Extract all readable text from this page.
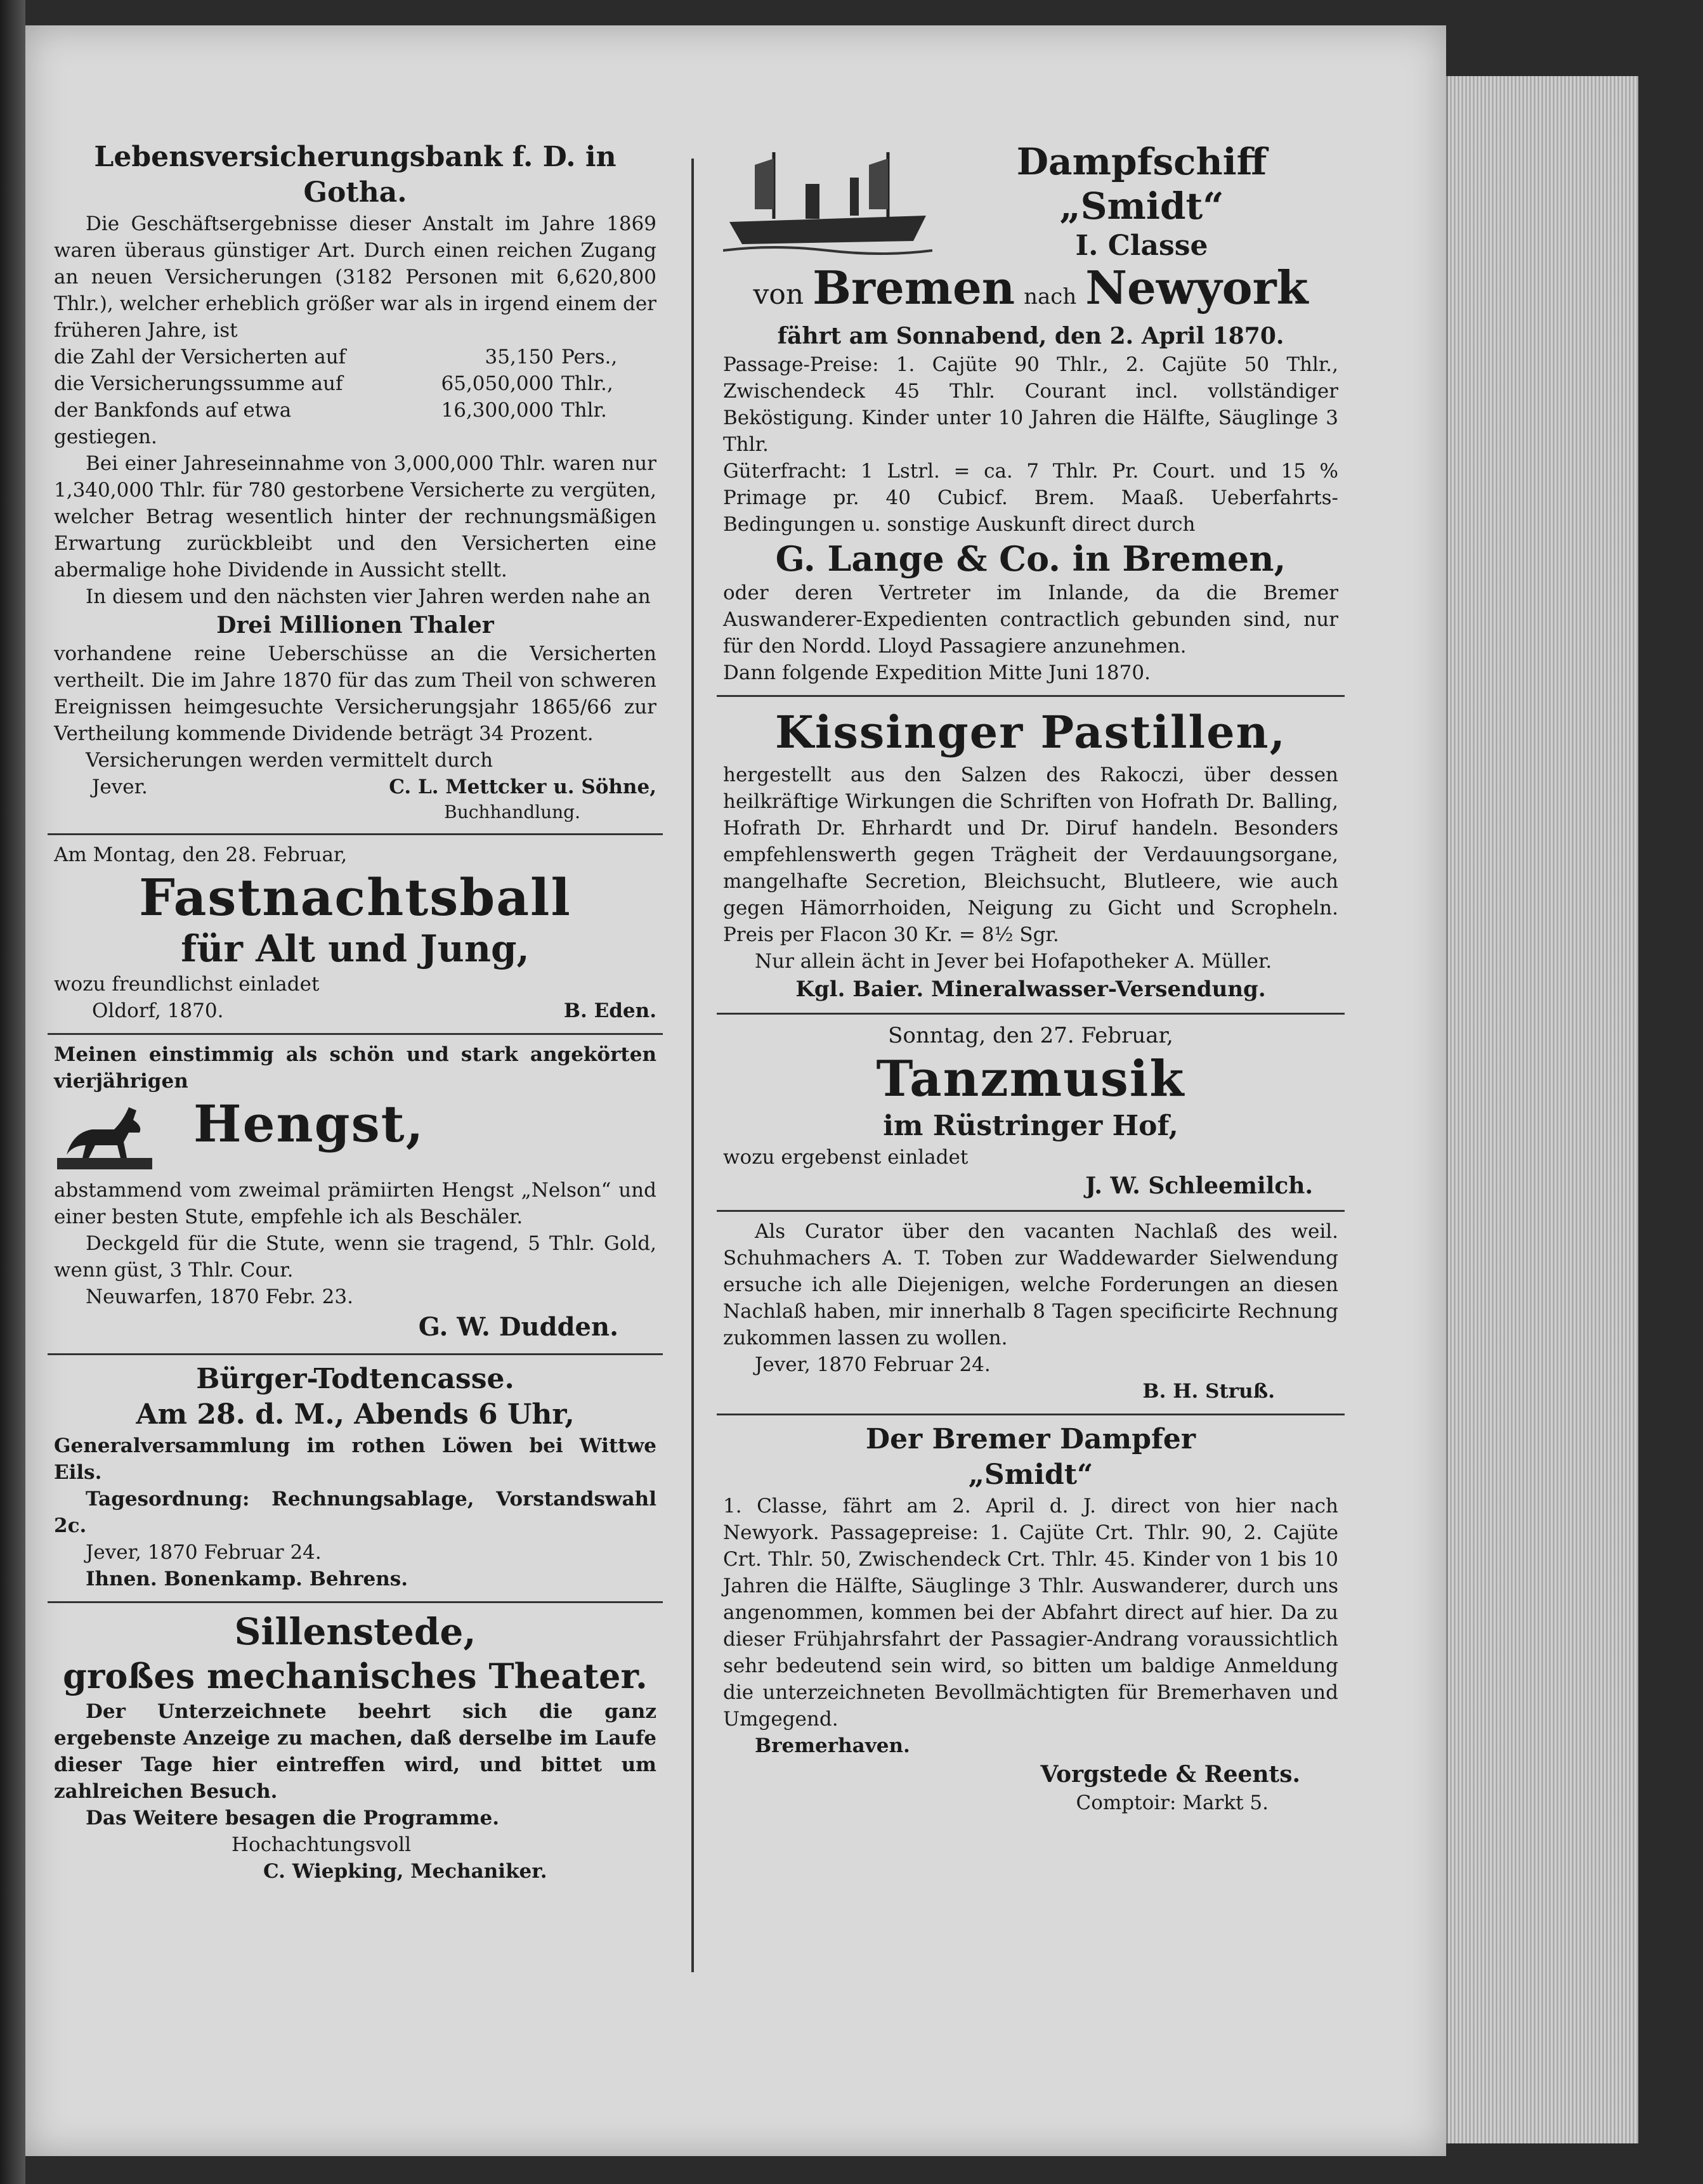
Lebensversicherungsbank f. D. in
Gotha.
Die Geschäftsergebnisse dieser Anstalt im Jahre 1869 waren überaus günstiger Art. Durch einen reichen Zugang an neuen Versicherungen (3182 Personen mit 6,620,800 Thlr.), welcher erheblich größer war als in irgend einem der früheren Jahre, ist
die Zahl der Versicherten auf	35,150 Pers.,
die Versicherungssumme auf	65,050,000 Thlr.,
der Bankfonds auf etwa	16,300,000 Thlr.
gestiegen.
Bei einer Jahreseinnahme von 3,000,000 Thlr. waren nur 1,340,000 Thlr. für 780 gestorbene Versicherte zu vergüten, welcher Betrag wesentlich hinter der rechnungsmäßigen Erwartung zurückbleibt und den Versicherten eine abermalige hohe Dividende in Aussicht stellt.
In diesem und den nächsten vier Jahren werden nahe an
Drei Millionen Thaler
vorhandene reine Ueberschüsse an die Versicherten vertheilt. Die im Jahre 1870 für das zum Theil von schweren Ereignissen heimgesuchte Versicherungsjahr 1865/66 zur Vertheilung kommende Dividende beträgt 34 Prozent.
Versicherungen werden vermittelt durch
Jever.	C. L. Mettcker u. Söhne,
Buchhandlung.
Am Montag, den 28. Februar,
Fastnachtsball
für Alt und Jung,
wozu freundlichst einladet
Oldorf, 1870.	B. Eden.
Meinen einstimmig als schön und stark angekörten vierjährigen
Hengst,
abstammend vom zweimal prämiirten Hengst „Nelson“ und einer besten Stute, empfehle ich als Beschäler.
Deckgeld für die Stute, wenn sie tragend, 5 Thlr. Gold, wenn güst, 3 Thlr. Cour.
Neuwarfen, 1870 Febr. 23.
G. W. Dudden.
Bürger-Todtencasse.
Am 28. d. M., Abends 6 Uhr,
Generalversammlung im rothen Löwen bei Wittwe Eils.
Tagesordnung: Rechnungsablage, Vorstandswahl 2c.
Jever, 1870 Februar 24.
Ihnen. Bonenkamp. Behrens.
Sillenstede,
großes mechanisches Theater.
Der Unterzeichnete beehrt sich die ganz ergebenste Anzeige zu machen, daß derselbe im Laufe dieser Tage hier eintreffen wird, und bittet um zahlreichen Besuch.
Das Weitere besagen die Programme.
Hochachtungsvoll
C. Wiepking, Mechaniker.
Dampfschiff
„Smidt“
I. Classe
von Bremen nach Newyork
fährt am Sonnabend, den 2. April 1870.
Passage-Preise: 1. Cajüte 90 Thlr., 2. Cajüte 50 Thlr., Zwischendeck 45 Thlr. Courant incl. vollständiger Beköstigung. Kinder unter 10 Jahren die Hälfte, Säuglinge 3 Thlr.
Güterfracht: 1 Lstrl. = ca. 7 Thlr. Pr. Court. und 15 % Primage pr. 40 Cubicf. Brem. Maaß. Ueberfahrts-Bedingungen u. sonstige Auskunft direct durch
G. Lange & Co. in Bremen,
oder deren Vertreter im Inlande, da die Bremer Auswanderer-Expedienten contractlich gebunden sind, nur für den Nordd. Lloyd Passagiere anzunehmen.
Dann folgende Expedition Mitte Juni 1870.
Kissinger Pastillen,
hergestellt aus den Salzen des Rakoczi, über dessen heilkräftige Wirkungen die Schriften von Hofrath Dr. Balling, Hofrath Dr. Ehrhardt und Dr. Diruf handeln. Besonders empfehlenswerth gegen Trägheit der Verdauungsorgane, mangelhafte Secretion, Bleichsucht, Blutleere, wie auch gegen Hämorrhoiden, Neigung zu Gicht und Scropheln. Preis per Flacon 30 Kr. = 8½ Sgr.
Nur allein ächt in Jever bei Hofapotheker A. Müller.
Kgl. Baier. Mineralwasser-Versendung.
Sonntag, den 27. Februar,
Tanzmusik
im Rüstringer Hof,
wozu ergebenst einladet
J. W. Schleemilch.
Als Curator über den vacanten Nachlaß des weil. Schuhmachers A. T. Toben zur Waddewarder Sielwendung ersuche ich alle Diejenigen, welche Forderungen an diesen Nachlaß haben, mir innerhalb 8 Tagen specificirte Rechnung zukommen lassen zu wollen.
Jever, 1870 Februar 24.
B. H. Struß.
Der Bremer Dampfer
„Smidt“
1. Classe, fährt am 2. April d. J. direct von hier nach Newyork. Passagepreise: 1. Cajüte Crt. Thlr. 90, 2. Cajüte Crt. Thlr. 50, Zwischendeck Crt. Thlr. 45. Kinder von 1 bis 10 Jahren die Hälfte, Säuglinge 3 Thlr. Auswanderer, durch uns angenommen, kommen bei der Abfahrt direct auf hier. Da zu dieser Frühjahrsfahrt der Passagier-Andrang voraussichtlich sehr bedeutend sein wird, so bitten um baldige Anmeldung die unterzeichneten Bevollmächtigten für Bremerhaven und Umgegend.
Bremerhaven.
Vorgstede & Reents.
Comptoir: Markt 5.
